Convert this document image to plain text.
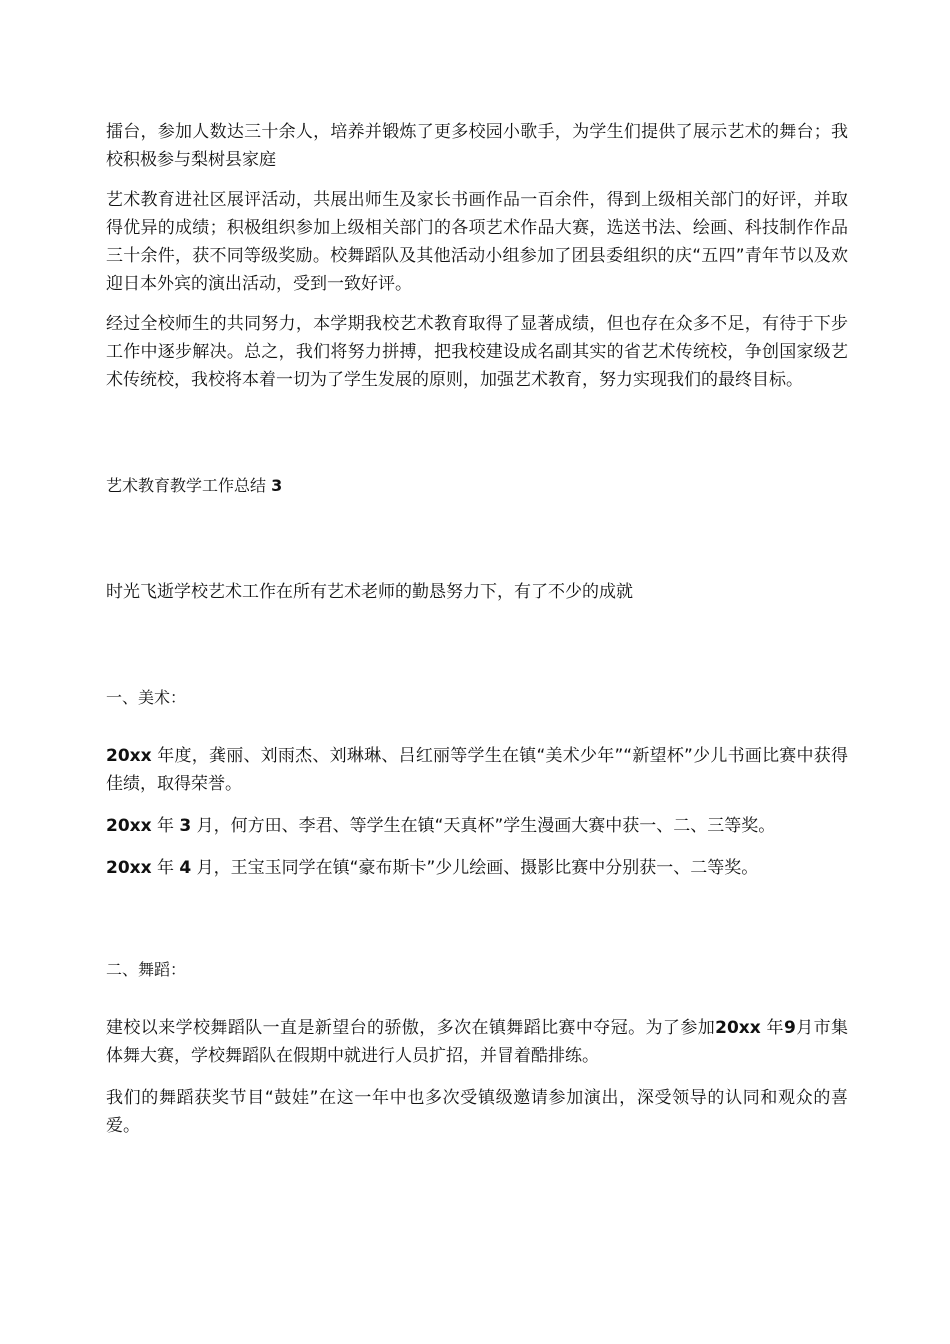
擂台，参加人数达三十余人，培养并锻炼了更多校园小歌手，为学生们提供了展示艺术的舞台；我校积极参与梨树县家庭

艺术教育进社区展评活动，共展出师生及家长书画作品一百余件，得到上级相关部门的好评，并取得优异的成绩；积极组织参加上级相关部门的各项艺术作品大赛，选送书法、绘画、科技制作作品三十余件，获不同等级奖励。校舞蹈队及其他活动小组参加了团县委组织的庆“五四”青年节以及欢迎日本外宾的演出活动，受到一致好评。

经过全校师生的共同努力，本学期我校艺术教育取得了显著成绩，但也存在众多不足，有待于下步工作中逐步解决。总之，我们将努力拼搏，把我校建设成名副其实的省艺术传统校，争创国家级艺术传统校，我校将本着一切为了学生发展的原则，加强艺术教育，努力实现我们的最终目标。

艺术教育教学工作总结 3

时光飞逝学校艺术工作在所有艺术老师的勤恳努力下，有了不少的成就

一、美术：

20xx 年度，龚丽、刘雨杰、刘琳琳、吕红丽等学生在镇“美术少年”“新望杯”少儿书画比赛中获得佳绩，取得荣誉。

20xx 年 3 月，何方田、李君、等学生在镇“天真杯”学生漫画大赛中获一、二、三等奖。

20xx 年 4 月，王宝玉同学在镇“豪布斯卡”少儿绘画、摄影比赛中分别获一、二等奖。

二、舞蹈：

建校以来学校舞蹈队一直是新望台的骄傲，多次在镇舞蹈比赛中夺冠。为了参加20xx 年9月市集体舞大赛，学校舞蹈队在假期中就进行人员扩招，并冒着酷排练。

我们的舞蹈获奖节目“鼓娃”在这一年中也多次受镇级邀请参加演出，深受领导的认同和观众的喜爱。
